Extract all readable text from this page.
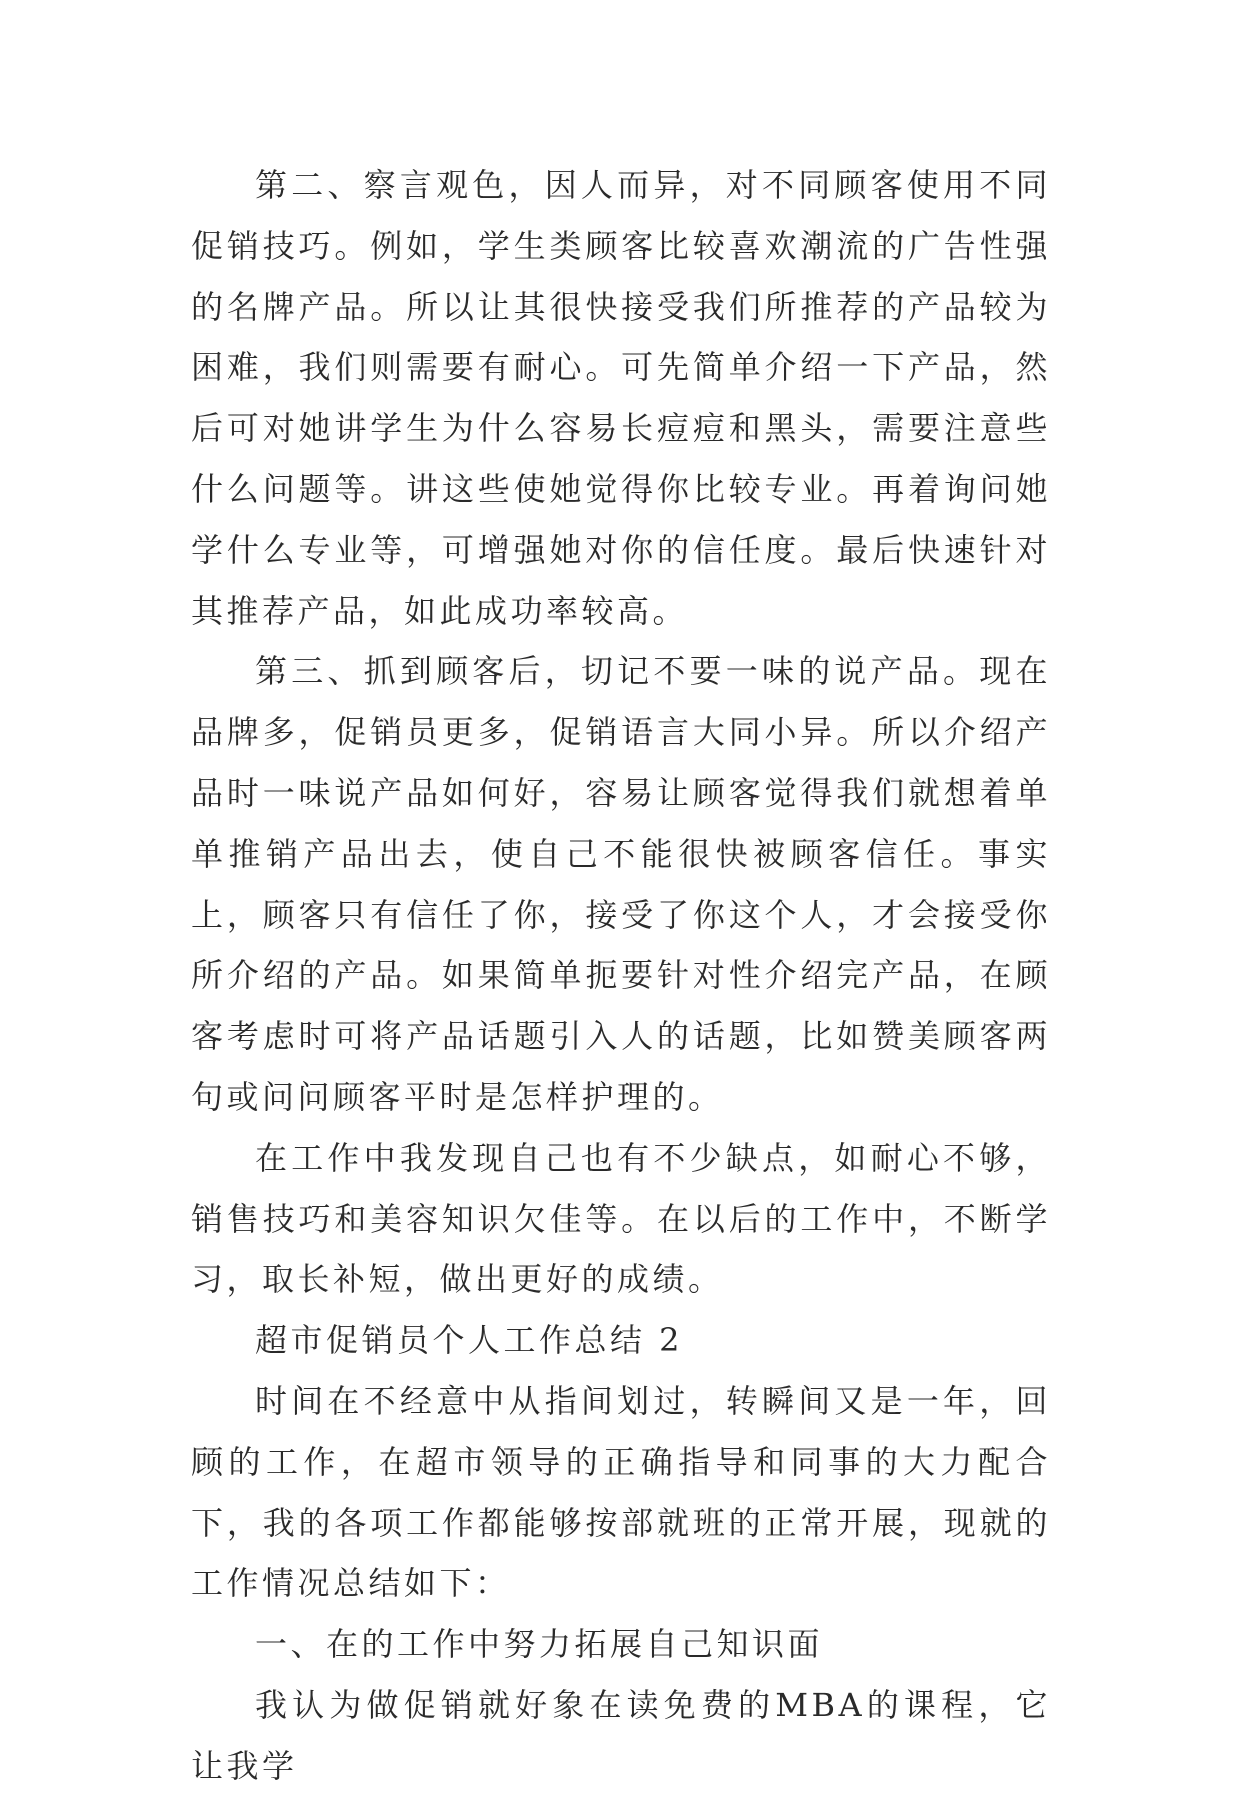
第二、察言观色，因人而异，对不同顾客使用不同促销技巧。例如，学生类顾客比较喜欢潮流的广告性强的名牌产品。所以让其很快接受我们所推荐的产品较为困难，我们则需要有耐心。可先简单介绍一下产品，然后可对她讲学生为什么容易长痘痘和黑头，需要注意些什么问题等。讲这些使她觉得你比较专业。再着询问她学什么专业等，可增强她对你的信任度。最后快速针对其推荐产品，如此成功率较高。

第三、抓到顾客后，切记不要一味的说产品。现在品牌多，促销员更多，促销语言大同小异。所以介绍产品时一味说产品如何好，容易让顾客觉得我们就想着单单推销产品出去，使自己不能很快被顾客信任。事实上，顾客只有信任了你，接受了你这个人，才会接受你所介绍的产品。如果简单扼要针对性介绍完产品，在顾客考虑时可将产品话题引入人的话题，比如赞美顾客两句或问问顾客平时是怎样护理的。

在工作中我发现自己也有不少缺点，如耐心不够，销售技巧和美容知识欠佳等。在以后的工作中，不断学习，取长补短，做出更好的成绩。

超市促销员个人工作总结 2

时间在不经意中从指间划过，转瞬间又是一年，回顾的工作，在超市领导的正确指导和同事的大力配合下，我的各项工作都能够按部就班的正常开展，现就的工作情况总结如下：

一、在的工作中努力拓展自己知识面

我认为做促销就好象在读免费的MBA的课程，它让我学
